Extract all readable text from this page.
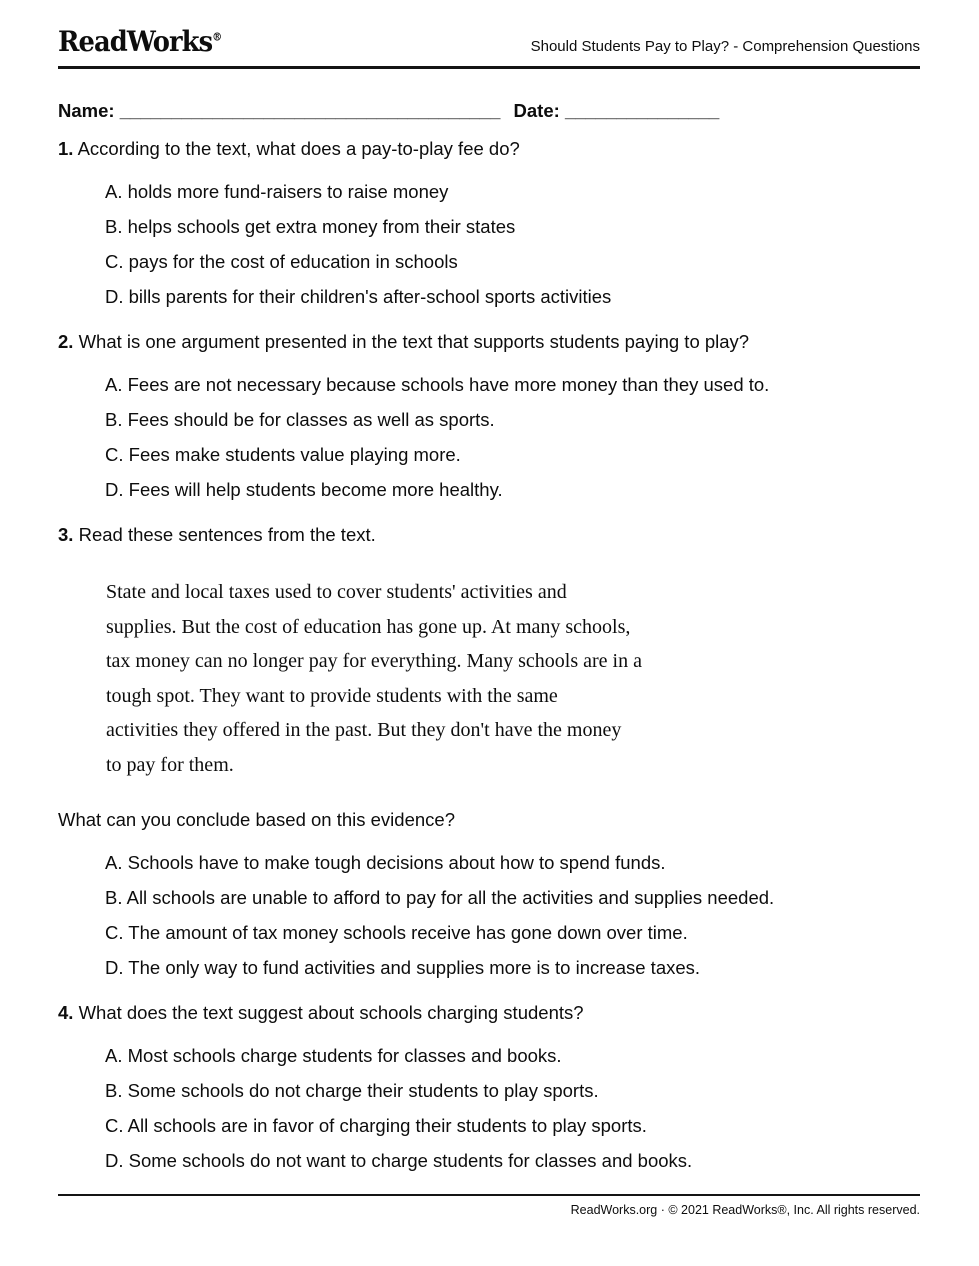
ReadWorks®
Should Students Pay to Play? - Comprehension Questions
Name: _____________________________________ Date: _______________

1. According to the text, what does a pay-to-play fee do?

A. holds more fund-raisers to raise money
B. helps schools get extra money from their states
C. pays for the cost of education in schools
D. bills parents for their children's after-school sports activities

2. What is one argument presented in the text that supports students paying to play?

A. Fees are not necessary because schools have more money than they used to.
B. Fees should be for classes as well as sports.
C. Fees make students value playing more.
D. Fees will help students become more healthy.

3. Read these sentences from the text.

State and local taxes used to cover students' activities and
supplies. But the cost of education has gone up. At many schools,
tax money can no longer pay for everything. Many schools are in a
tough spot. They want to provide students with the same
activities they offered in the past. But they don't have the money
to pay for them.

What can you conclude based on this evidence?

A. Schools have to make tough decisions about how to spend funds.
B. All schools are unable to afford to pay for all the activities and supplies needed.
C. The amount of tax money schools receive has gone down over time.
D. The only way to fund activities and supplies more is to increase taxes.

4. What does the text suggest about schools charging students?

A. Most schools charge students for classes and books.
B. Some schools do not charge their students to play sports.
C. All schools are in favor of charging their students to play sports.
D. Some schools do not want to charge students for classes and books.
ReadWorks.org · © 2021 ReadWorks®, Inc. All rights reserved.
